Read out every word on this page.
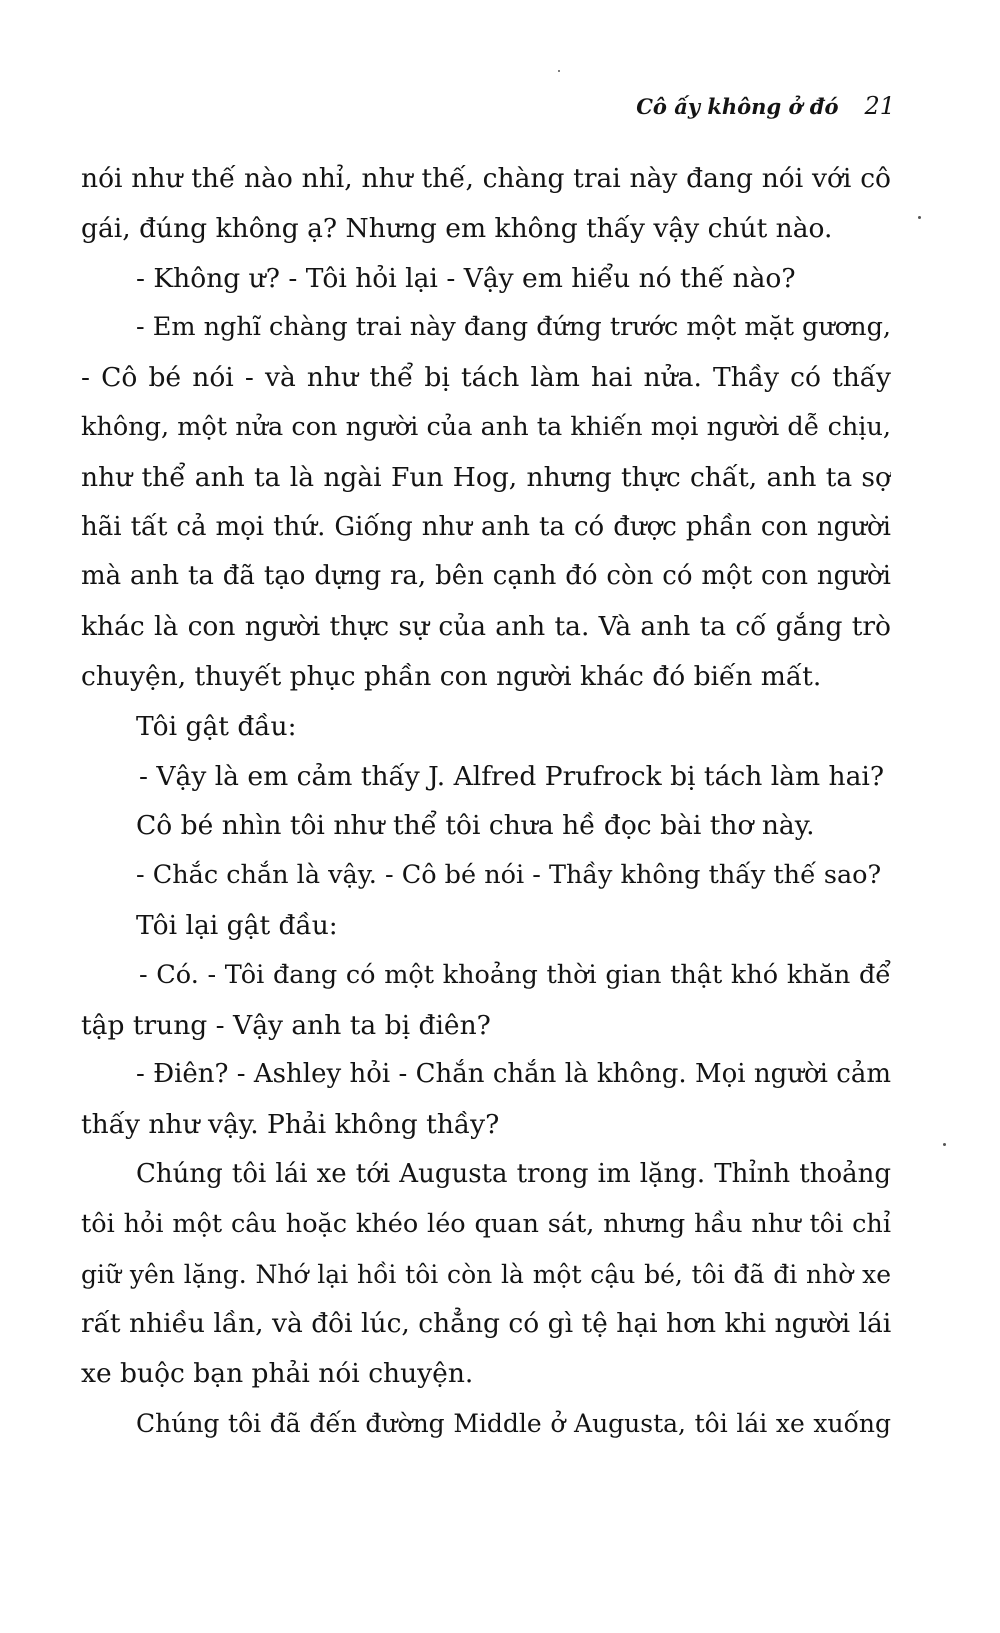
Cô ấy không ở đó 21
nói như thế nào nhỉ, như thế, chàng trai này đang nói với cô
gái, đúng không ạ? Nhưng em không thấy vậy chút nào.
- Không ư? - Tôi hỏi lại - Vậy em hiểu nó thế nào?
- Em nghĩ chàng trai này đang đứng trước một mặt gương,
- Cô bé nói - và như thể bị tách làm hai nửa. Thầy có thấy
không, một nửa con người của anh ta khiến mọi người dễ chịu,
như thể anh ta là ngài Fun Hog, nhưng thực chất, anh ta sợ
hãi tất cả mọi thứ. Giống như anh ta có được phần con người
mà anh ta đã tạo dựng ra, bên cạnh đó còn có một con người
khác là con người thực sự của anh ta. Và anh ta cố gắng trò
chuyện, thuyết phục phần con người khác đó biến mất.
Tôi gật đầu:
- Vậy là em cảm thấy J. Alfred Prufrock bị tách làm hai?
Cô bé nhìn tôi như thể tôi chưa hề đọc bài thơ này.
- Chắc chắn là vậy. - Cô bé nói - Thầy không thấy thế sao?
Tôi lại gật đầu:
- Có. - Tôi đang có một khoảng thời gian thật khó khăn để
tập trung - Vậy anh ta bị điên?
- Điên? - Ashley hỏi - Chắn chắn là không. Mọi người cảm
thấy như vậy. Phải không thầy?
Chúng tôi lái xe tới Augusta trong im lặng. Thỉnh thoảng
tôi hỏi một câu hoặc khéo léo quan sát, nhưng hầu như tôi chỉ
giữ yên lặng. Nhớ lại hồi tôi còn là một cậu bé, tôi đã đi nhờ xe
rất nhiều lần, và đôi lúc, chẳng có gì tệ hại hơn khi người lái
xe buộc bạn phải nói chuyện.
Chúng tôi đã đến đường Middle ở Augusta, tôi lái xe xuống
